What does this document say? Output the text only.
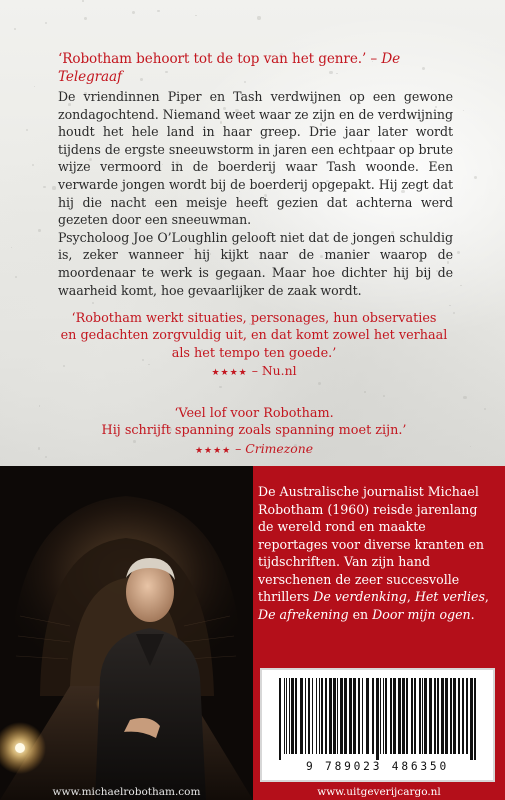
‘Robotham behoort tot de top van het genre.’ – De Telegraaf

De vriendinnen Piper en Tash verdwijnen op een gewone zondagochtend. Niemand weet waar ze zijn en de verdwijning houdt het hele land in haar greep. Drie jaar later wordt tijdens de ergste sneeuwstorm in jaren een echtpaar op brute wijze vermoord in de boerderij waar Tash woonde. Een verwarde jongen wordt bij de boerderij opgepakt. Hij zegt dat hij die nacht een meisje heeft gezien dat achterna werd gezeten door een sneeuwman.

Psycholoog Joe O’Loughlin gelooft niet dat de jongen schuldig is, zeker wanneer hij kijkt naar de manier waarop de moordenaar te werk is gegaan. Maar hoe dichter hij bij de waarheid komt, hoe gevaarlijker de zaak wordt.

‘Robotham werkt situaties, personages, hun observaties
en gedachten zorgvuldig uit, en dat komt zowel het verhaal
als het tempo ten goede.’
★★★★ – Nu.nl
‘Veel lof voor Robotham.
Hij schrijft spanning zoals spanning moet zijn.’
★★★★ – Crimezone
www.michaelrobotham.com
De Australische journalist Michael Robotham (1960) reisde jarenlang de wereld rond en maakte reportages voor diverse kranten en tijdschriften. Van zijn hand verschenen de zeer succesvolle thrillers De verdenking, Het verlies, De afrekening en Door mijn ogen.
9 789023 486350
www.uitgeverijcargo.nl
